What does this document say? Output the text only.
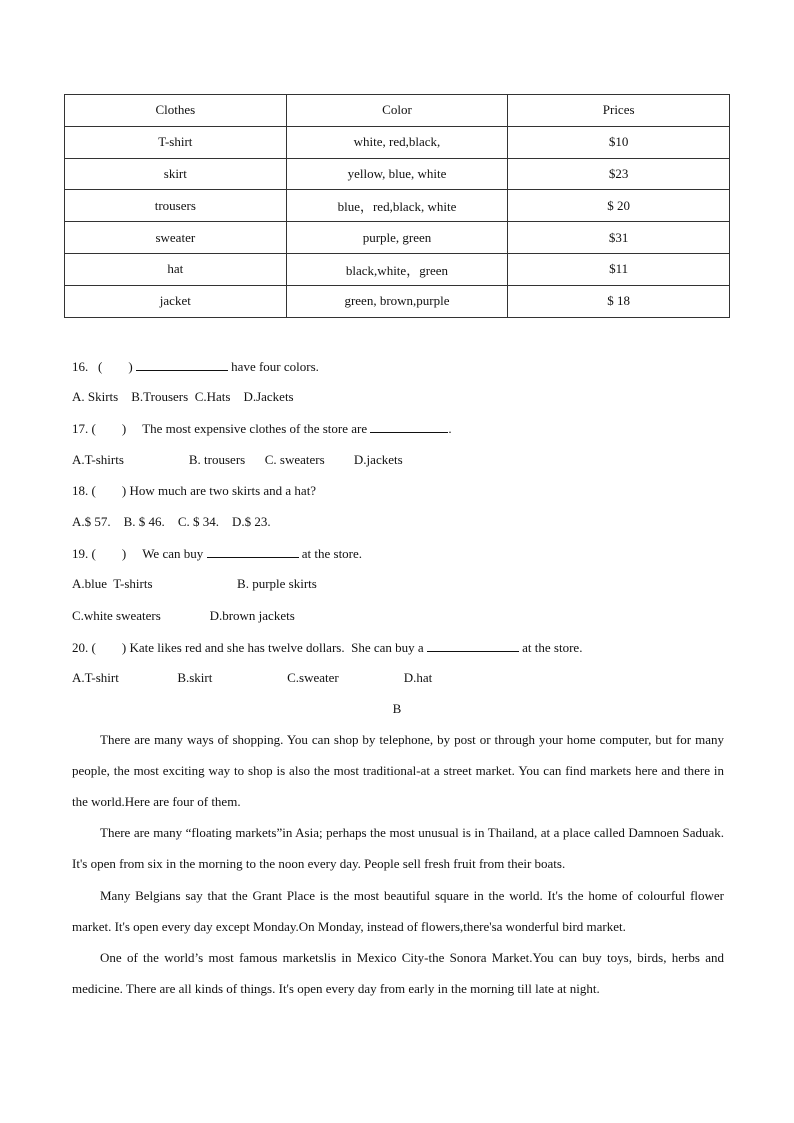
Clothes	Color	Prices
T-shirt	white, red,black,	$10
skirt	yellow, blue, white	$23
trousers	blue，red,black, white	$ 20
sweater	purple, green	$31
hat	black,white，green	$11
jacket	green, brown,purple	$ 18
16. (        )	have four colors.
A. Skirts B.Trousers C.Hats D.Jackets
17. ( ) The most expensive clothes of the store are	.
A.T-shirts	B. trousers C. sweaters D.jackets
18. ( ) How much are two skirts and a hat?
A.$ 57. B. $ 46. C. $ 34. D.$ 23.
19. ( ) We can buy	at the store.
A.blue  T-shirts	B. purple skirts
C.white sweaters	D.brown jackets
20. ( ) Kate likes red and she has twelve dollars.  She can buy a	at the store.
A.T-shirt	B.skirt	C.sweater	D.hat
B

There are many ways of shopping. You can shop by telephone, by post or through your home computer, but for many people, the most exciting way to shop is also the most traditional-at a street market. You can find markets here and there in the world.Here are four of them.

There are many “floating markets”in Asia; perhaps the most unusual is in Thailand, at a place called Damnoen Saduak. It's open from six in the morning to the noon every day. People sell fresh fruit from their boats.

Many Belgians say that the Grant Place is the most beautiful square in the world. It's the home of colourful flower market. It's open every day except Monday.On Monday, instead of flowers,there'sa wonderful bird market.

One of the world’s most famous marketslis in Mexico City-the Sonora Market.You can buy toys, birds, herbs and medicine. There are all kinds of things. It's open every day from early in the morning till late at night.
